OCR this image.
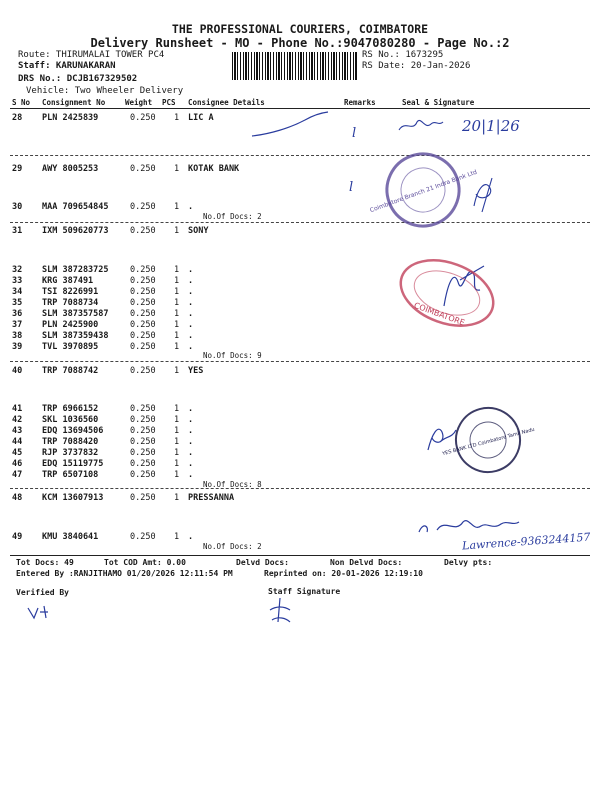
THE PROFESSIONAL COURIERS, COIMBATORE
Delivery Runsheet - MO - Phone No.:9047080280 - Page No.:2
Route: THIRUMALAI TOWER PC4
Staff: KARUNAKARAN
DRS No.: DCJB167329502
Vehicle: Two Wheeler Delivery
RS No.: 1673295
RS Date: 20-Jan-2026
S No Consignment No	Weight PCS Consignee Details	Remarks	Seal & Signature
28 PLN 2425839	0.250 1 LIC A
29 AWY 8005253	0.250 1 KOTAK BANK
30 MAA 709654845	0.250 1 .
31 IXM 509620773	0.250 1 SONY
32 SLM 387283725	0.250 1 .
33 KRG 387491	0.250 1 .
34 TSI 8226991	0.250 1 .
35 TRP 7088734	0.250 1 .
36 SLM 387357587	0.250 1 .
37 PLN 2425900	0.250 1 .
38 SLM 387359438	0.250 1 .
39 TVL 3970895	0.250 1 .
40 TRP 7088742	0.250 1 YES
41 TRP 6966152	0.250 1 .
42 SKL 1036560	0.250 1 .
43 EDQ 13694506	0.250 1 .
44 TRP 7088420	0.250 1 .
45 RJP 3737832	0.250 1 .
46 EDQ 15119775	0.250 1 .
47 TRP 6507108	0.250 1 .
48 KCM 13607913	0.250 1 PRESSANNA
49 KMU 3840641	0.250 1 .
No.Of Docs: 2
No.Of Docs: 9
No.Of Docs: 8
No.Of Docs: 2
l
l
20|1|26
Lawrence-9363244157
Coimbatore Branch 21 Indra Bank Ltd
COIMBATORE
YES BANK LTD Coimbatore Tamil Nadu
Tot Docs: 49	Tot COD Amt: 0.00	Delvd Docs:	Non Delvd Docs:	Delvy pts:
Entered By :RANJITHAMO 01/20/2026 12:11:54 PM	Reprinted on: 20-01-2026 12:19:10
Verified By	Staff Signature
